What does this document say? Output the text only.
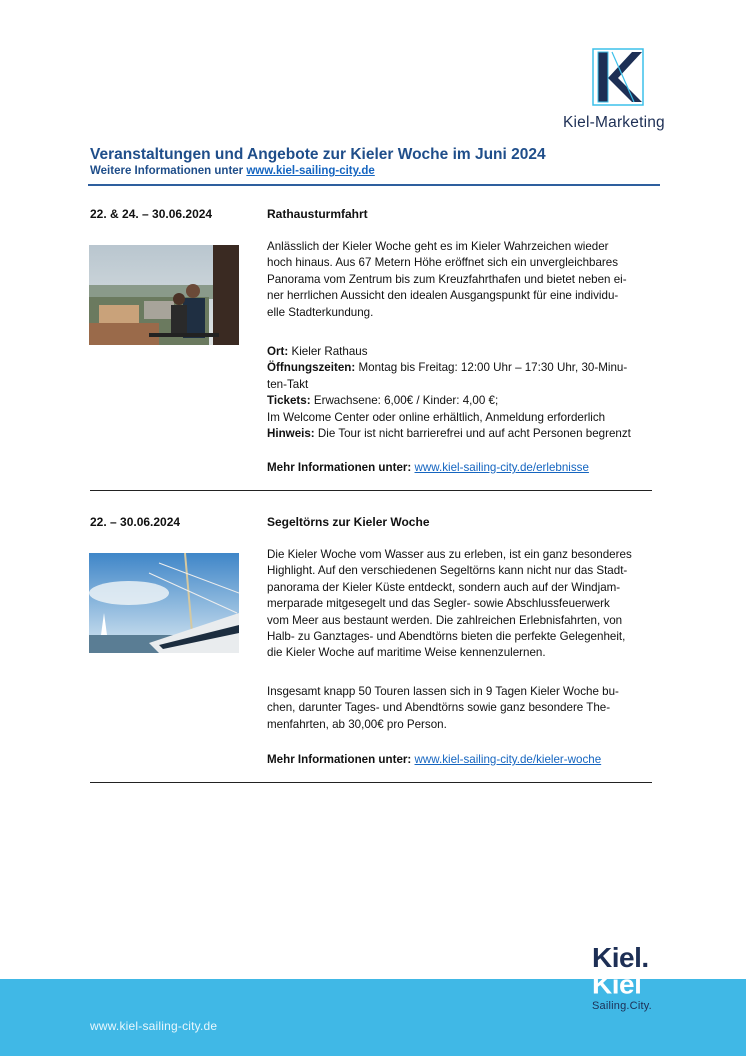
Kiel-Marketing
Veranstaltungen und Angebote zur Kieler Woche im Juni 2024
Weitere Informationen unter www.kiel-sailing-city.de
22. & 24. – 30.06.2024	Rathausturmfahrt

Anlässlich der Kieler Woche geht es im Kieler Wahrzeichen wieder

hoch hinaus. Aus 67 Metern Höhe eröffnet sich ein unvergleichbares

Panorama vom Zentrum bis zum Kreuzfahrthafen und bietet neben ei-

ner herrlichen Aussicht den idealen Ausgangspunkt für eine individu-

elle Stadterkundung.

Ort: Kieler Rathaus

Öffnungszeiten: Montag bis Freitag: 12:00 Uhr – 17:30 Uhr, 30-Minu-

ten-Takt

Tickets: Erwachsene: 6,00€ / Kinder: 4,00 €;

Im Welcome Center oder online erhältlich, Anmeldung erforderlich

Hinweis: Die Tour ist nicht barrierefrei und auf acht Personen begrenzt

Mehr Informationen unter: www.kiel-sailing-city.de/erlebnisse

22. – 30.06.2024	Segeltörns zur Kieler Woche

Die Kieler Woche vom Wasser aus zu erleben, ist ein ganz besonderes

Highlight. Auf den verschiedenen Segeltörns kann nicht nur das Stadt-

panorama der Kieler Küste entdeckt, sondern auch auf der Windjam-

merparade mitgesegelt und das Segler- sowie Abschlussfeuerwerk

vom Meer aus bestaunt werden. Die zahlreichen Erlebnisfahrten, von

Halb- zu Ganztages- und Abendtörns bieten die perfekte Gelegenheit,

die Kieler Woche auf maritime Weise kennenzulernen.

Insgesamt knapp 50 Touren lassen sich in 9 Tagen Kieler Woche bu-

chen, darunter Tages- und Abendtörns sowie ganz besondere The-

menfahrten, ab 30,00€ pro Person.

Mehr Informationen unter: www.kiel-sailing-city.de/kieler-woche

www.kiel-sailing-city.de
Kiel.
Kiel
Sailing.City.
